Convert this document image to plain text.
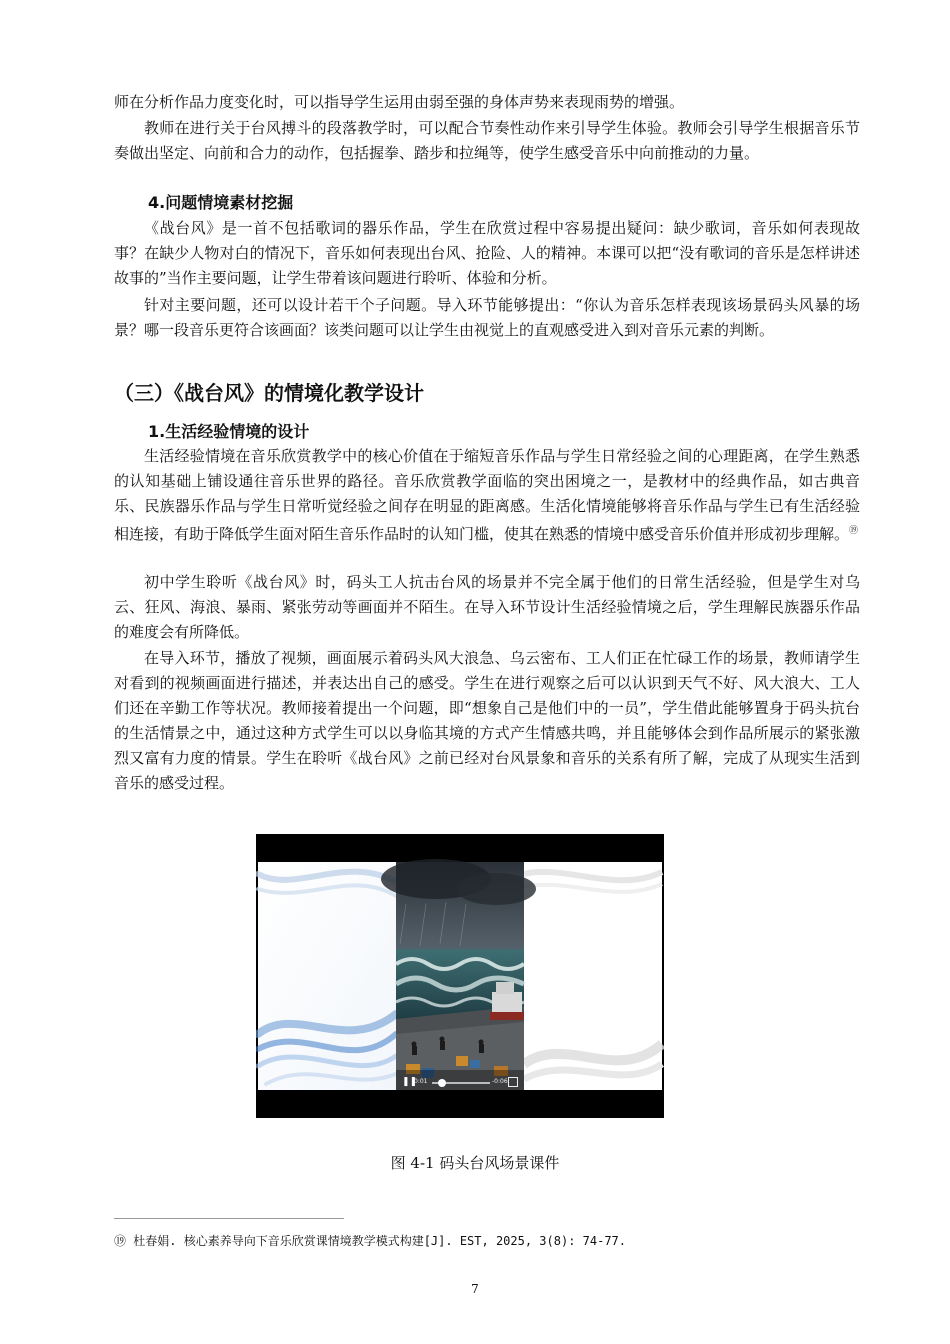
师在分析作品力度变化时，可以指导学生运用由弱至强的身体声势来表现雨势的增强。

教师在进行关于台风搏斗的段落教学时，可以配合节奏性动作来引导学生体验。教师会引导学生根据音乐节奏做出坚定、向前和合力的动作，包括握拳、踏步和拉绳等，使学生感受音乐中向前推动的力量。

4.问题情境素材挖掘

《战台风》是一首不包括歌词的器乐作品，学生在欣赏过程中容易提出疑问：缺少歌词，音乐如何表现故事？在缺少人物对白的情况下，音乐如何表现出台风、抢险、人的精神。本课可以把“没有歌词的音乐是怎样讲述故事的”当作主要问题，让学生带着该问题进行聆听、体验和分析。

针对主要问题，还可以设计若干个子问题。导入环节能够提出：“你认为音乐怎样表现该场景码头风暴的场景？哪一段音乐更符合该画面？该类问题可以让学生由视觉上的直观感受进入到对音乐元素的判断。

（三）《战台风》的情境化教学设计

1.生活经验情境的设计

生活经验情境在音乐欣赏教学中的核心价值在于缩短音乐作品与学生日常经验之间的心理距离，在学生熟悉的认知基础上铺设通往音乐世界的路径。音乐欣赏教学面临的突出困境之一，是教材中的经典作品，如古典音乐、民族器乐作品与学生日常听觉经验之间存在明显的距离感。生活化情境能够将音乐作品与学生已有生活经验相连接，有助于降低学生面对陌生音乐作品时的认知门槛，使其在熟悉的情境中感受音乐价值并形成初步理解。⑲

初中学生聆听《战台风》时，码头工人抗击台风的场景并不完全属于他们的日常生活经验，但是学生对乌云、狂风、海浪、暴雨、紧张劳动等画面并不陌生。在导入环节设计生活经验情境之后，学生理解民族器乐作品的难度会有所降低。

在导入环节，播放了视频，画面展示着码头风大浪急、乌云密布、工人们正在忙碌工作的场景，教师请学生对看到的视频画面进行描述，并表达出自己的感受。学生在进行观察之后可以认识到天气不好、风大浪大、工人们还在辛勤工作等状况。教师接着提出一个问题，即“想象自己是他们中的一员”，学生借此能够置身于码头抗台的生活情景之中，通过这种方式学生可以以身临其境的方式产生情感共鸣，并且能够体会到作品所展示的紧张激烈又富有力度的情景。学生在聆听《战台风》之前已经对台风景象和音乐的关系有所了解，完成了从现实生活到音乐的感受过程。

❚❚
0:01	-0:06
图 4-1 码头台风场景课件
⑲ 杜春娟. 核心素养导向下音乐欣赏课情境教学模式构建[J]. EST, 2025, 3(8): 74-77.
7
